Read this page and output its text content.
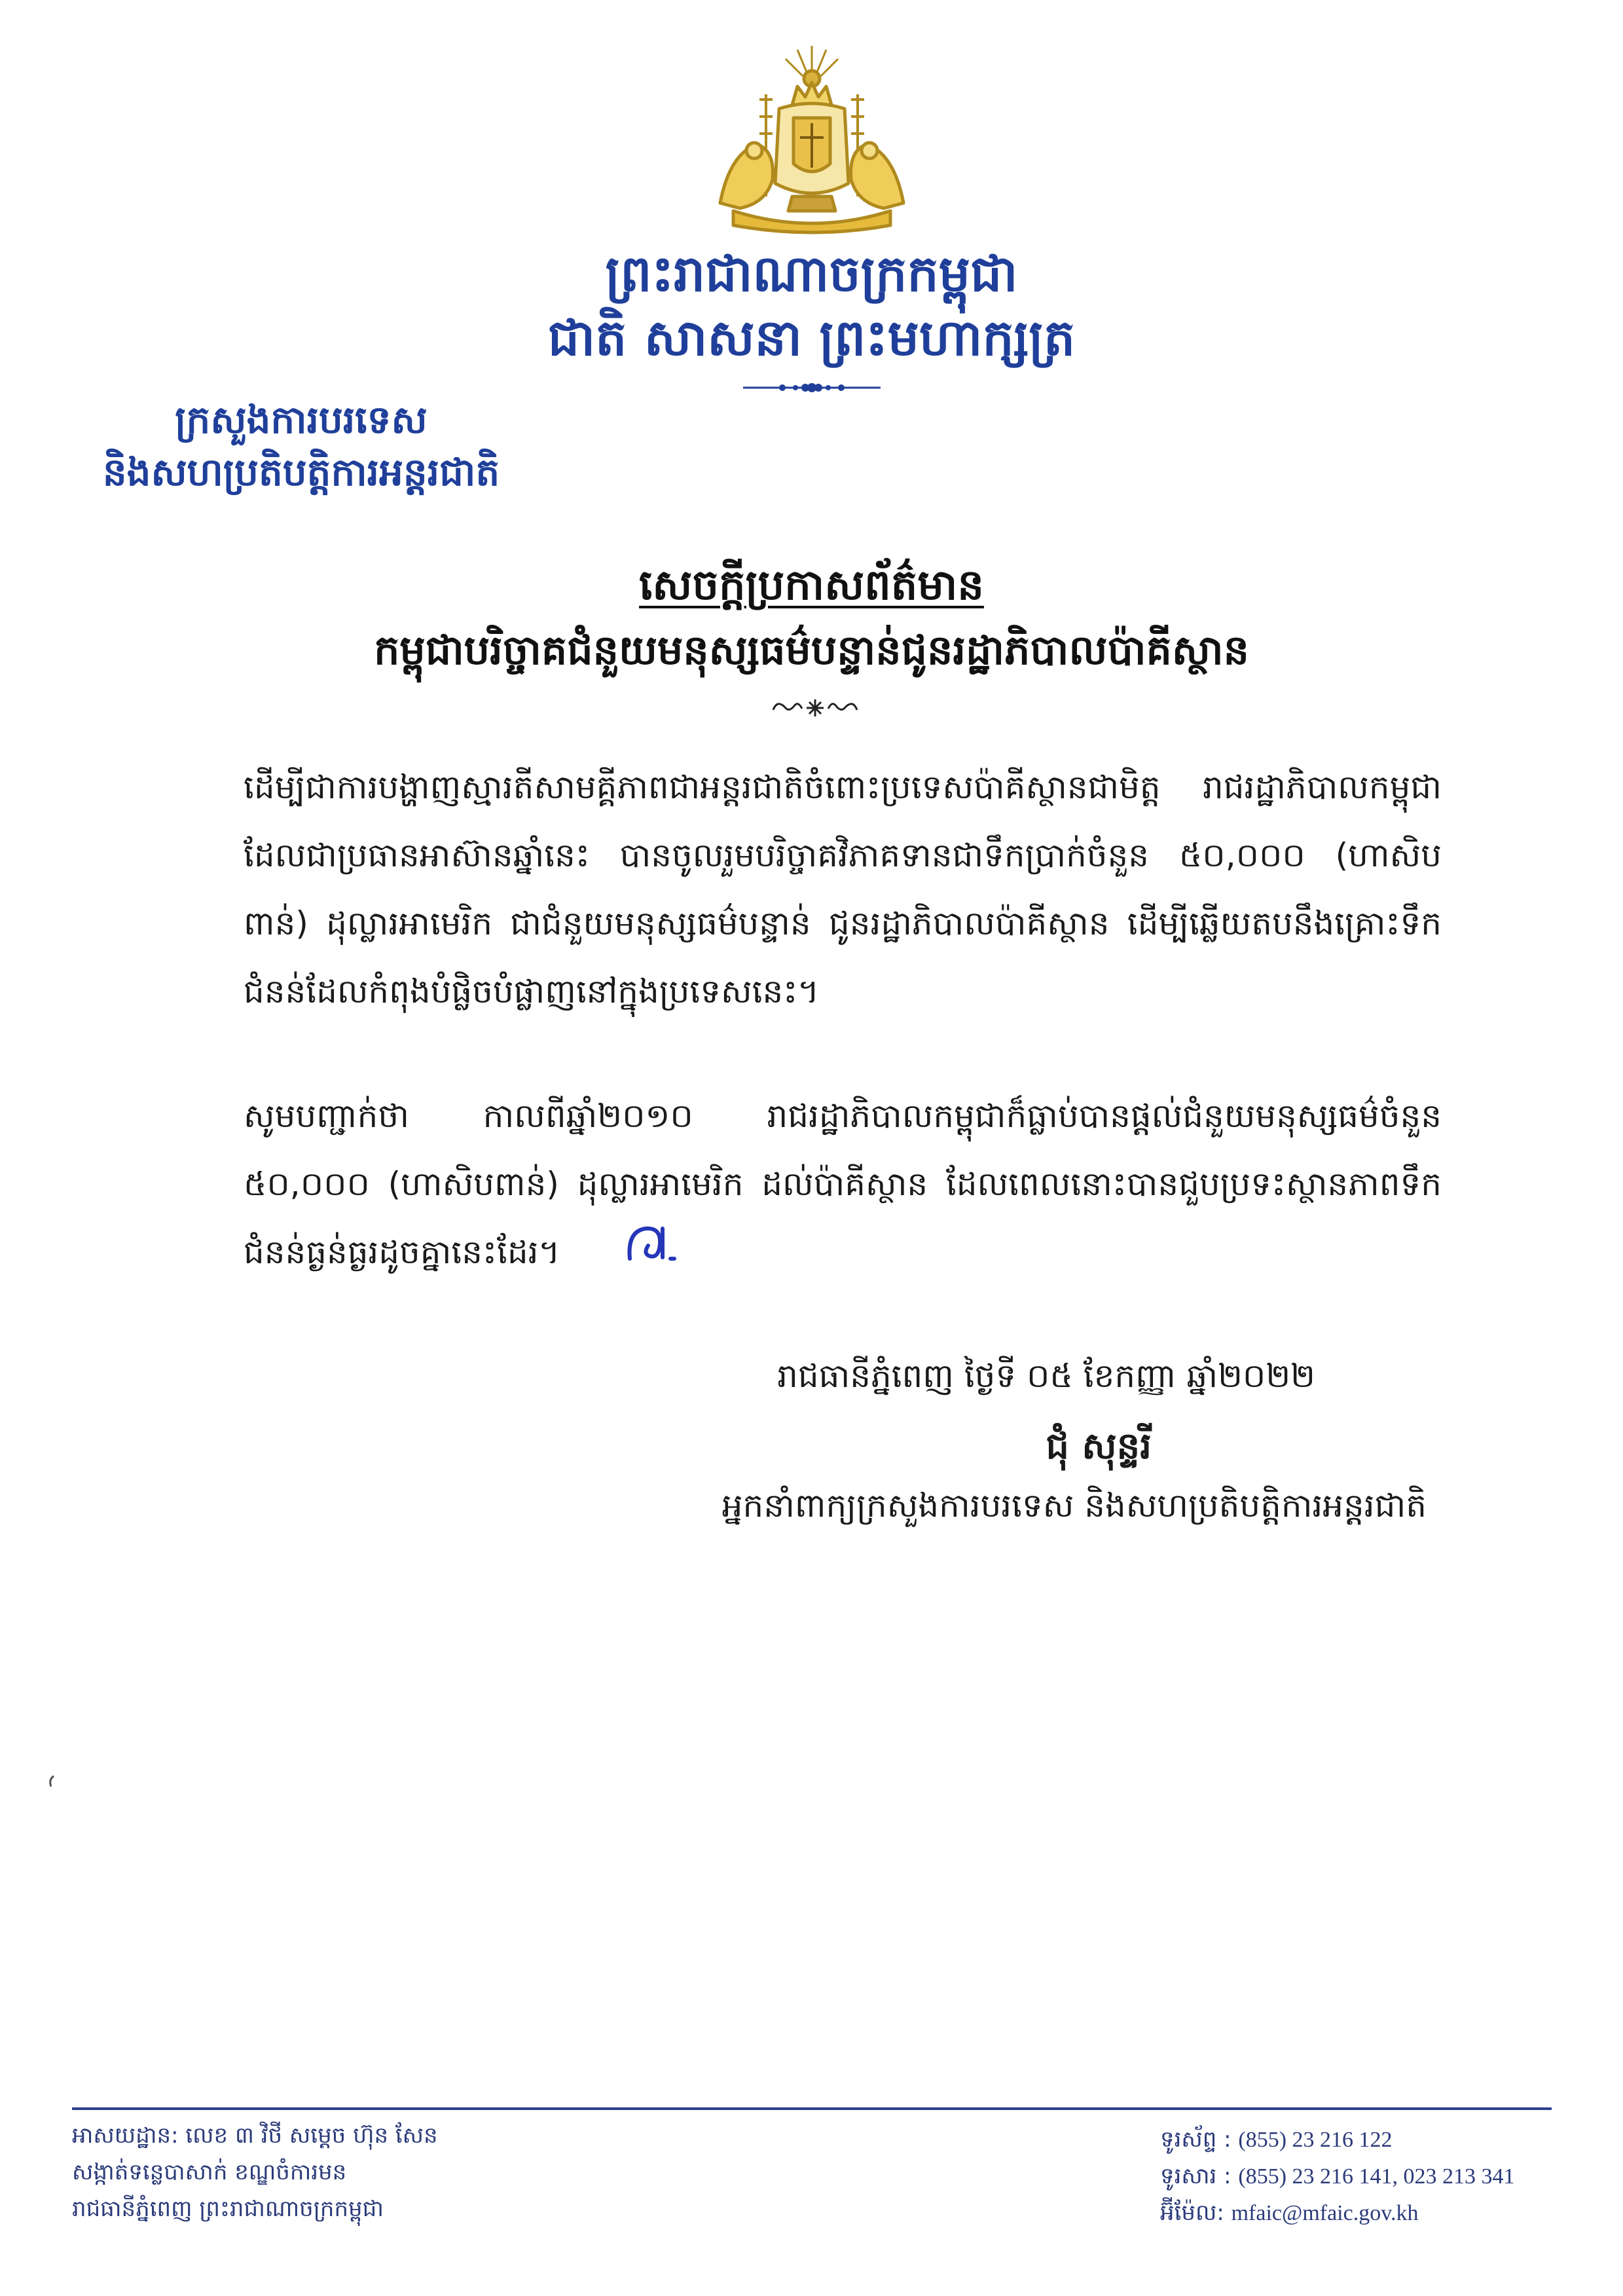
ព្រះរាជាណាចក្រកម្ពុជា
ជាតិ សាសនា ព្រះមហាក្សត្រ
ក្រសួងការបរទេស
និងសហប្រតិបត្តិការអន្តរជាតិ
សេចក្តីប្រកាសព័ត៌មាន
កម្ពុជាបរិច្ចាគជំនួយមនុស្សធម៌បន្ទាន់ជូនរដ្ឋាភិបាលប៉ាគីស្ថាន
ដើម្បីជាការបង្ហាញស្មារតីសាមគ្គីភាពជាអន្តរជាតិចំពោះប្រទេសប៉ាគីស្ថានជាមិត្ត រាជរដ្ឋាភិបាលកម្ពុជា ដែលជាប្រធានអាស៊ានឆ្នាំនេះ បានចូលរួមបរិច្ចាគវិភាគទានជាទឹកប្រាក់ចំនួន ៥០,០០០ (ហាសិបពាន់) ដុល្លារអាមេរិក ជាជំនួយមនុស្សធម៌បន្ទាន់ ជូនរដ្ឋាភិបាលប៉ាគីស្ថាន ដើម្បីឆ្លើយតបនឹងគ្រោះទឹកជំនន់ដែលកំពុងបំផ្លិចបំផ្លាញនៅក្នុងប្រទេសនេះ។
សូមបញ្ជាក់ថា កាលពីឆ្នាំ២០១០ រាជរដ្ឋាភិបាលកម្ពុជាក៏ធ្លាប់បានផ្តល់ជំនួយមនុស្សធម៌ចំនួន ៥០,០០០ (ហាសិបពាន់) ដុល្លារអាមេរិក ដល់ប៉ាគីស្ថាន ដែលពេលនោះបានជួបប្រទះស្ថានភាពទឹកជំនន់ធ្ងន់ធ្ងរដូចគ្នានេះដែរ។
រាជធានីភ្នំពេញ ថ្ងៃទី ០៥ ខែកញ្ញា ឆ្នាំ២០២២
ជុំ សុន្ទរី
អ្នកនាំពាក្យក្រសួងការបរទេស និងសហប្រតិបត្តិការអន្តរជាតិ
អាសយដ្ឋាន: លេខ ៣ វិថី សម្តេច ហ៊ុន សែន
សង្កាត់ទន្លេបាសាក់ ខណ្ឌចំការមន
រាជធានីភ្នំពេញ ព្រះរាជាណាចក្រកម្ពុជា
ទូរស័ព្ទ : (855) 23 216 122
ទូរសារ : (855) 23 216 141, 023 213 341
អ៊ីម៉ែល: mfaic@mfaic.gov.kh
